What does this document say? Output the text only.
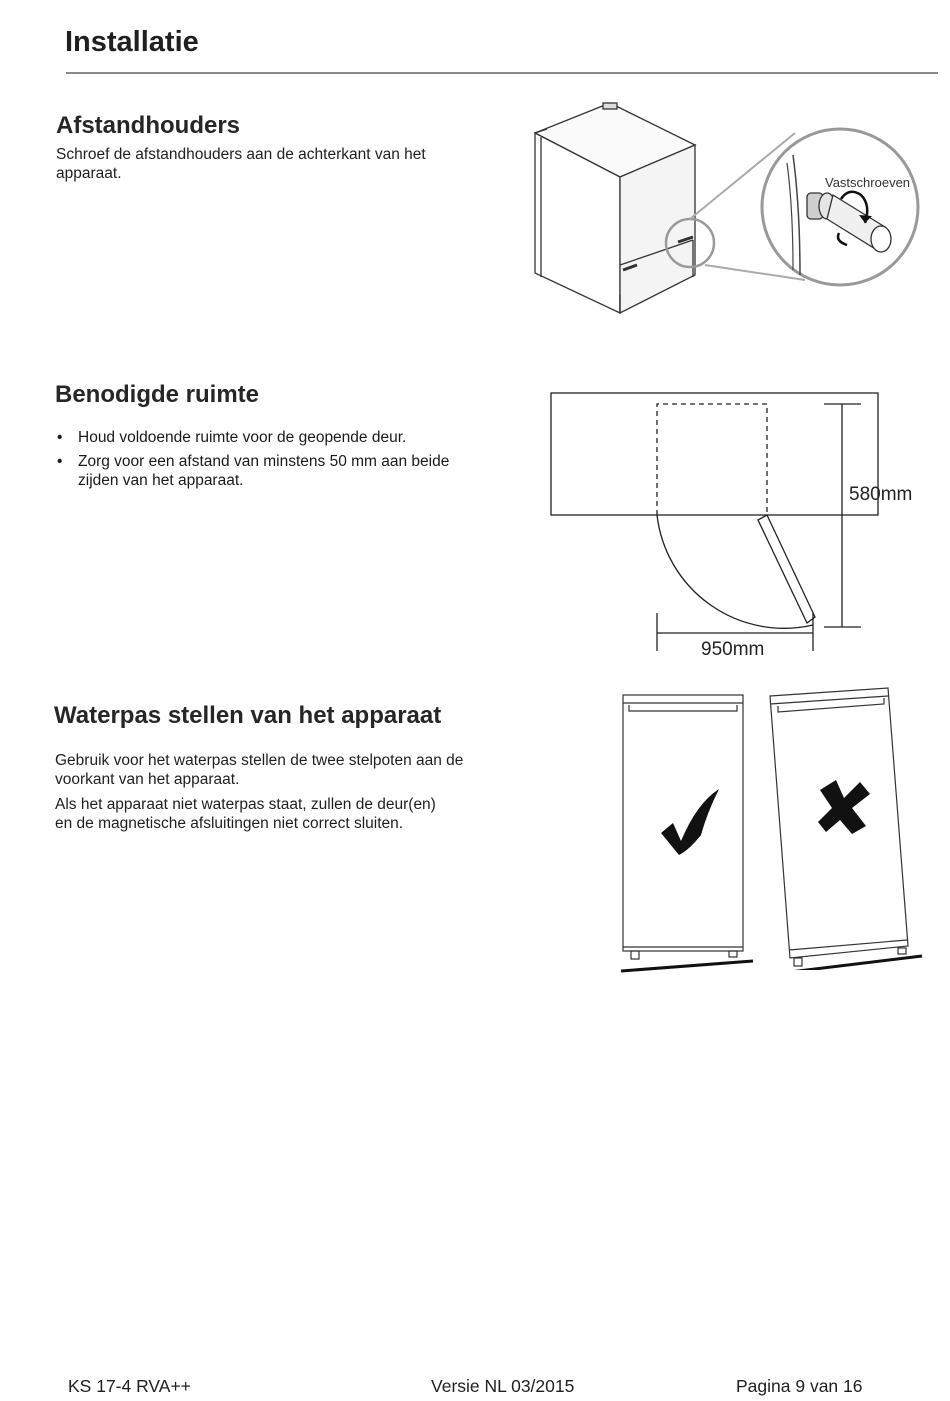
Installatie
Afstandhouders

Schroef de afstandhouders aan de achterkant van het apparaat.

Vastschroeven
Benodigde ruimte
• Houd voldoende ruimte voor de geopende deur.
• Zorg voor een afstand van minstens 50 mm aan beide zijden van het apparaat.
580mm
950mm
Waterpas stellen van het apparaat

Gebruik voor het waterpas stellen de twee stelpoten aan de voorkant van het apparaat.

Als het apparaat niet waterpas staat, zullen de deur(en) en de magnetische afsluitingen niet correct sluiten.

KS 17-4 RVA++	Versie NL 03/2015	Pagina 9 van 16
